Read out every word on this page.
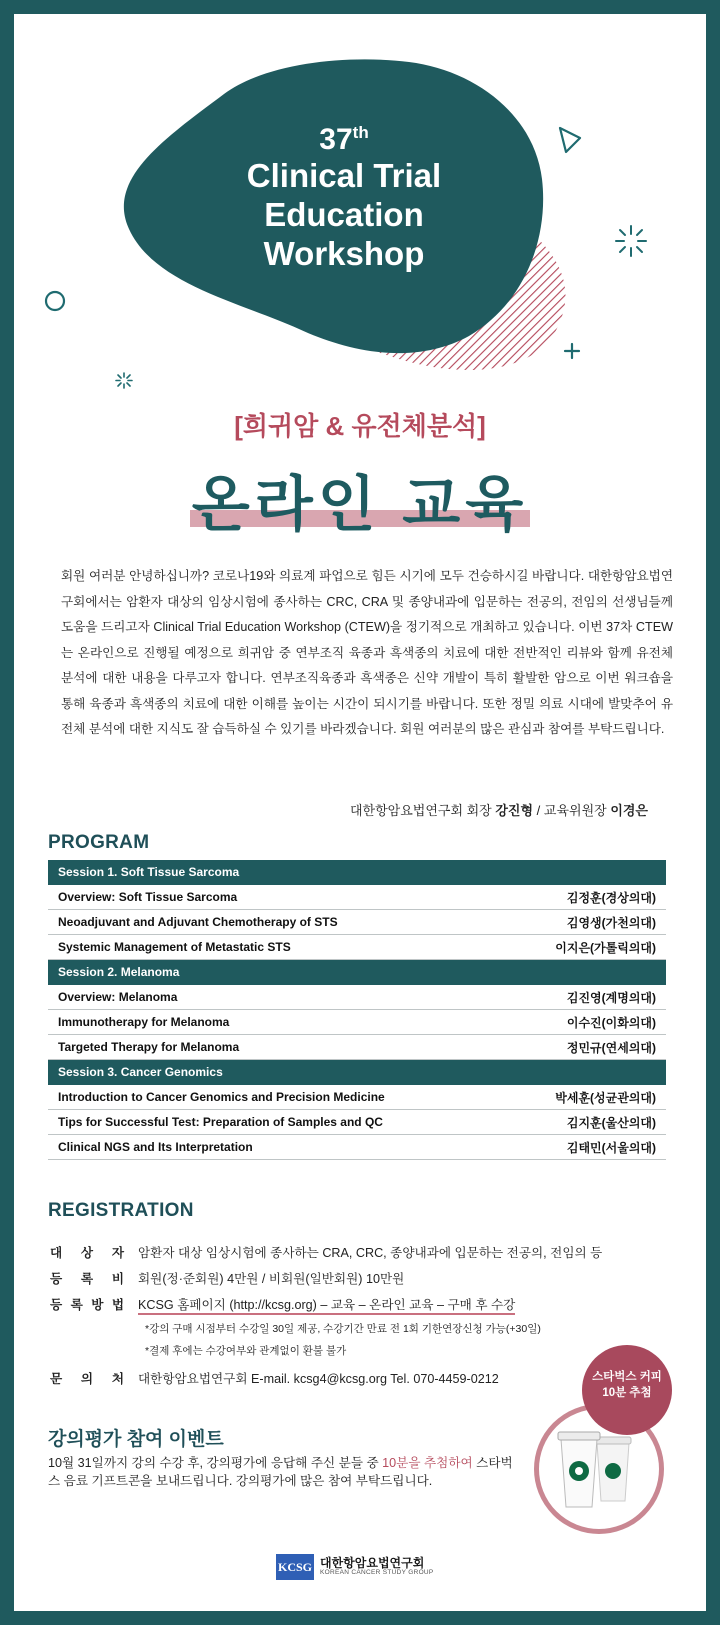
37th
Clinical Trial
Education
Workshop
[희귀암 & 유전체분석]
온라인 교육
회원 여러분 안녕하십니까? 코로나19와 의료계 파업으로 힘든 시기에 모두 건승하시길 바랍니다. 대한항암요법연구회에서는 암환자 대상의 임상시험에 종사하는 CRC, CRA 및 종양내과에 입문하는 전공의, 전임의 선생님들께 도움을 드리고자 Clinical Trial Education Workshop (CTEW)을 정기적으로 개최하고 있습니다. 이번 37차 CTEW는 온라인으로 진행될 예정으로 희귀암 중 연부조직 육종과 흑색종의 치료에 대한 전반적인 리뷰와 함께 유전체 분석에 대한 내용을 다루고자 합니다. 연부조직육종과 흑색종은 신약 개발이 특히 활발한 암으로 이번 워크숍을 통해 육종과 흑색종의 치료에 대한 이해를 높이는 시간이 되시기를 바랍니다. 또한 정밀 의료 시대에 발맞추어 유전체 분석에 대한 지식도 잘 습득하실 수 있기를 바라겠습니다. 회원 여러분의 많은 관심과 참여를 부탁드립니다.
대한항암요법연구회 회장 강진형 / 교육위원장 이경은
PROGRAM
Session 1. Soft Tissue Sarcoma	
Overview: Soft Tissue Sarcoma	김정훈(경상의대)
Neoadjuvant and Adjuvant Chemotherapy of STS	김영생(가천의대)
Systemic Management of Metastatic STS	이지은(가톨릭의대)
Session 2. Melanoma	
Overview: Melanoma	김진영(계명의대)
Immunotherapy for Melanoma	이수진(이화의대)
Targeted Therapy for Melanoma	정민규(연세의대)
Session 3. Cancer Genomics	
Introduction to Cancer Genomics and Precision Medicine	박세훈(성균관의대)
Tips for Successful Test: Preparation of Samples and QC	김지훈(울산의대)
Clinical NGS and Its Interpretation	김태민(서울의대)
REGISTRATION
대 상 자 암환자 대상 임상시험에 종사하는 CRA, CRC, 종양내과에 입문하는 전공의, 전임의 등
등 록 비 회원(정·준회원) 4만원 / 비회원(일반회원) 10만원
등 록 방 법 KCSG 홈페이지 (http://kcsg.org) – 교육 – 온라인 교육 – 구매 후 수강
*강의 구매 시점부터 수강일 30일 제공, 수강기간 만료 전 1회 기한연장신청 가능(+30일)
*결제 후에는 수강여부와 관계없이 환불 불가
문 의 처 대한항암요법연구회 E-mail. kcsg4@kcsg.org Tel. 070-4459-0212
강의평가 참여 이벤트
10월 31일까지 강의 수강 후, 강의평가에 응답해 주신 분들 중 10분을 추첨하여 스타벅스 음료 기프트콘을 보내드립니다. 강의평가에 많은 참여 부탁드립니다.
스타벅스 커피
10분 추첨
KCSG 대한항암요법연구회
KOREAN CANCER STUDY GROUP
